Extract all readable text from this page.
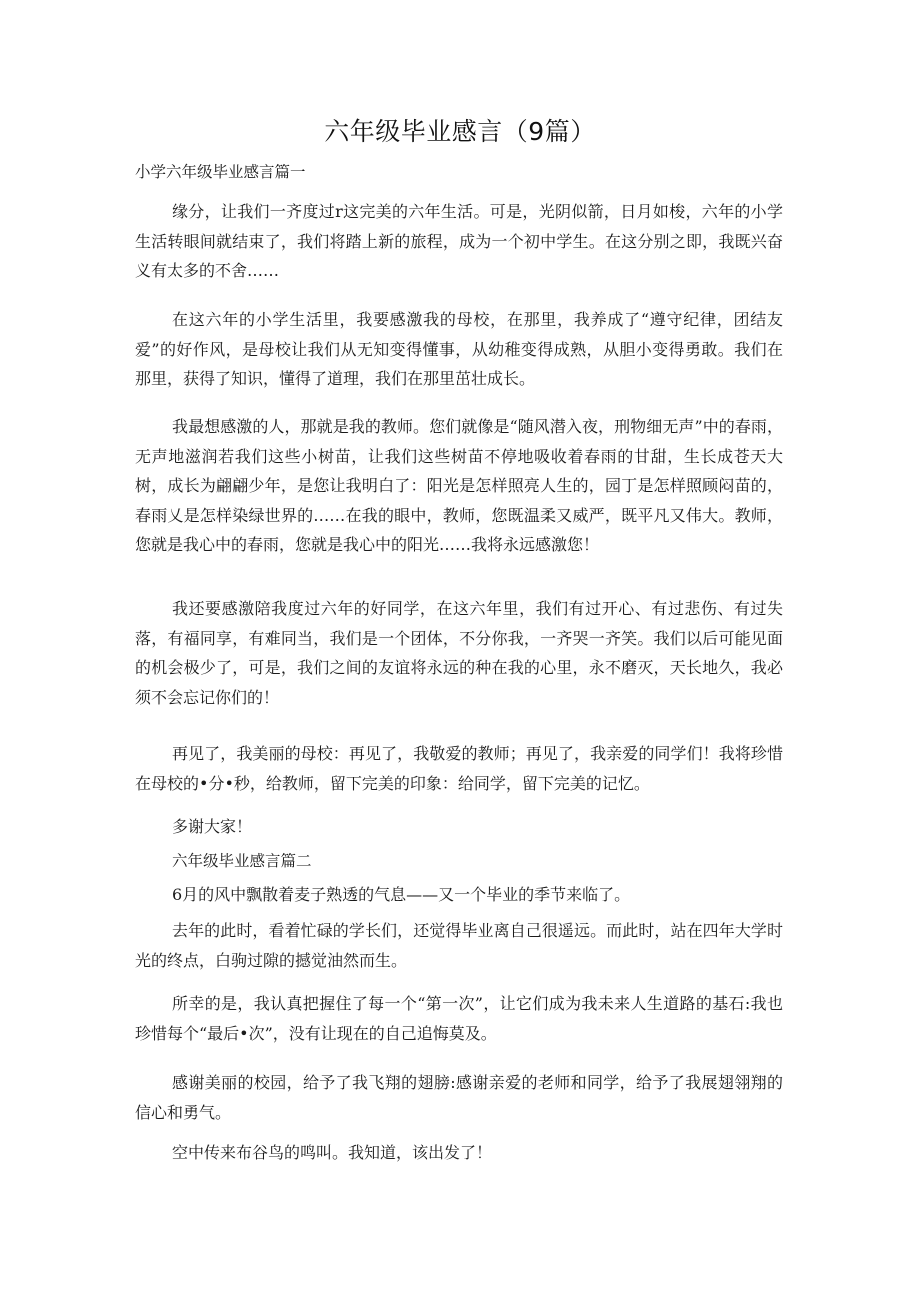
六年级毕业感言（9篇）
小学六年级毕业感言篇一

缘分，让我们一齐度过r这完美的六年生活。可是，光阴似箭，日月如梭，六年的小学生活转眼间就结束了，我们将踏上新的旅程，成为一个初中学生。在这分别之即，我既兴奋义有太多的不舍……

在这六年的小学生活里，我要感激我的母校，在那里，我养成了“遵守纪律，团结友爱”的好作风，是母校让我们从无知变得懂事，从幼稚变得成熟，从胆小变得勇敢。我们在那里，获得了知识，懂得了道理，我们在那里茁壮成长。

我最想感激的人，那就是我的教师。您们就像是“随风潜入夜，刑物细无声”中的春雨，无声地滋润若我们这些小树苗，让我们这些树苗不停地吸收着春雨的甘甜，生长成苍天大树，成长为翩翩少年，是您让我明白了：阳光是怎样照亮人生的，园丁是怎样照顾闷苗的，春雨乂是怎样染绿世界的……在我的眼中，教师，您既温柔又威严，既平凡又伟大。教师，您就是我心中的春雨，您就是我心中的阳光……我将永远感激您！

我还要感激陪我度过六年的好同学，在这六年里，我们有过开心、有过悲伤、有过失落，有福同享，有难同当，我们是一个团体，不分你我，一齐哭一齐笑。我们以后可能见面的机会极少了，可是，我们之间的友谊将永远的种在我的心里，永不磨灭，天长地久，我必须不会忘记你们的！

再见了，我美丽的母校：再见了，我敬爱的教师；再见了，我亲爱的同学们！我将珍惜在母校的•分•秒，给教师，留下完美的印象：给同学，留下完美的记忆。

多谢大家！

六年级毕业感言篇二

6月的风中飘散着麦子熟透的气息——又一个毕业的季节来临了。

去年的此时，看着忙碌的学长们，还觉得毕业离自己很遥远。而此时，站在四年大学时光的终点，白驹过隙的撼觉油然而生。

所幸的是，我认真把握住了每一个“第一次”，让它们成为我未来人生道路的基石:我也珍惜每个“最后•次”，没有让现在的自己追悔莫及。

感谢美丽的校园，给予了我飞翔的翅膀:感谢亲爱的老师和同学，给予了我展翅翎翔的信心和勇气。

空中传来布谷鸟的鸣叫。我知道，该出发了！
